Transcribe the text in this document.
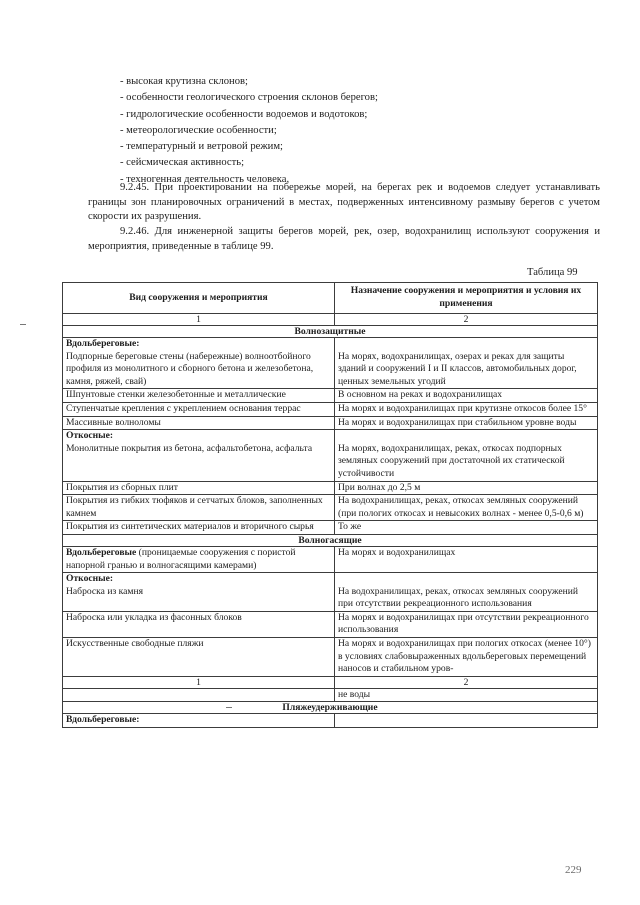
- высокая крутизна склонов;
- особенности геологического строения склонов берегов;
- гидрологические особенности водоемов и водотоков;
- метеорологические особенности;
- температурный и ветровой режим;
- сейсмическая активность;
- техногенная деятельность человека.
9.2.45. При проектировании на побережье морей, на берегах рек и водоемов следует устанавливать границы зон планировочных ограничений в местах, подверженных интенсивному размыву берегов с учетом скорости их разрушения.
9.2.46. Для инженерной защиты берегов морей, рек, озер, водохранилищ используют сооружения и мероприятия, приведенные в таблице 99.
Таблица 99
Вид сооружения и мероприятия	Назначение сооружения и мероприятия и условия их применения
1	2
Волнозащитные	

Вдольбереговые:
Подпорные береговые стены (набережные) волноотбойного профиля из монолитного и сборного бетона и железобетона, камня, ряжей, свай)	На морях, водохранилищах, озерах и реках для защиты зданий и сооружений I и II классов, автомобильных дорог, ценных земельных угодий

Шпунтовые стенки железобетонные и металлические	В основном на реках и водохранилищах
Ступенчатые крепления с укреплением основания террас	На морях и водохранилищах при крутизне откосов более 15°
Массивные волноломы	На морях и водохранилищах при стабильном уровне воды

Откосные:
Монолитные покрытия из бетона, асфальтобетона, асфальта	На морях, водохранилищах, реках, откосах подпорных земляных сооружений при достаточной их статической устойчивости

Покрытия из сборных плит	При волнах до 2,5 м
Покрытия из гибких тюфяков и сетчатых блоков, заполненных камнем	На водохранилищах, реках, откосах земляных сооружений (при пологих откосах и невысоких волнах - менее 0,5-0,6 м)
Покрытия из синтетических материалов и вторичного сырья	То же
Волногасящие	
Вдольбереговые (проницаемые сооружения с пористой напорной гранью и волногасящими камерами)	На морях и водохранилищах

Откосные:
Наброска из камня	На водохранилищах, реках, откосах земляных сооружений при отсутствии рекреационного использования

Наброска или укладка из фасонных блоков	На морях и водохранилищах при отсутствии рекреационного использования
Искусственные свободные пляжи	На морях и водохранилищах при пологих откосах (менее 10°) в условиях слабовыраженных вдольбереговых перемещений наносов и стабильном уров-
1	2
	не воды
Пляжеудерживающие	

Вдольбереговые:	

229
